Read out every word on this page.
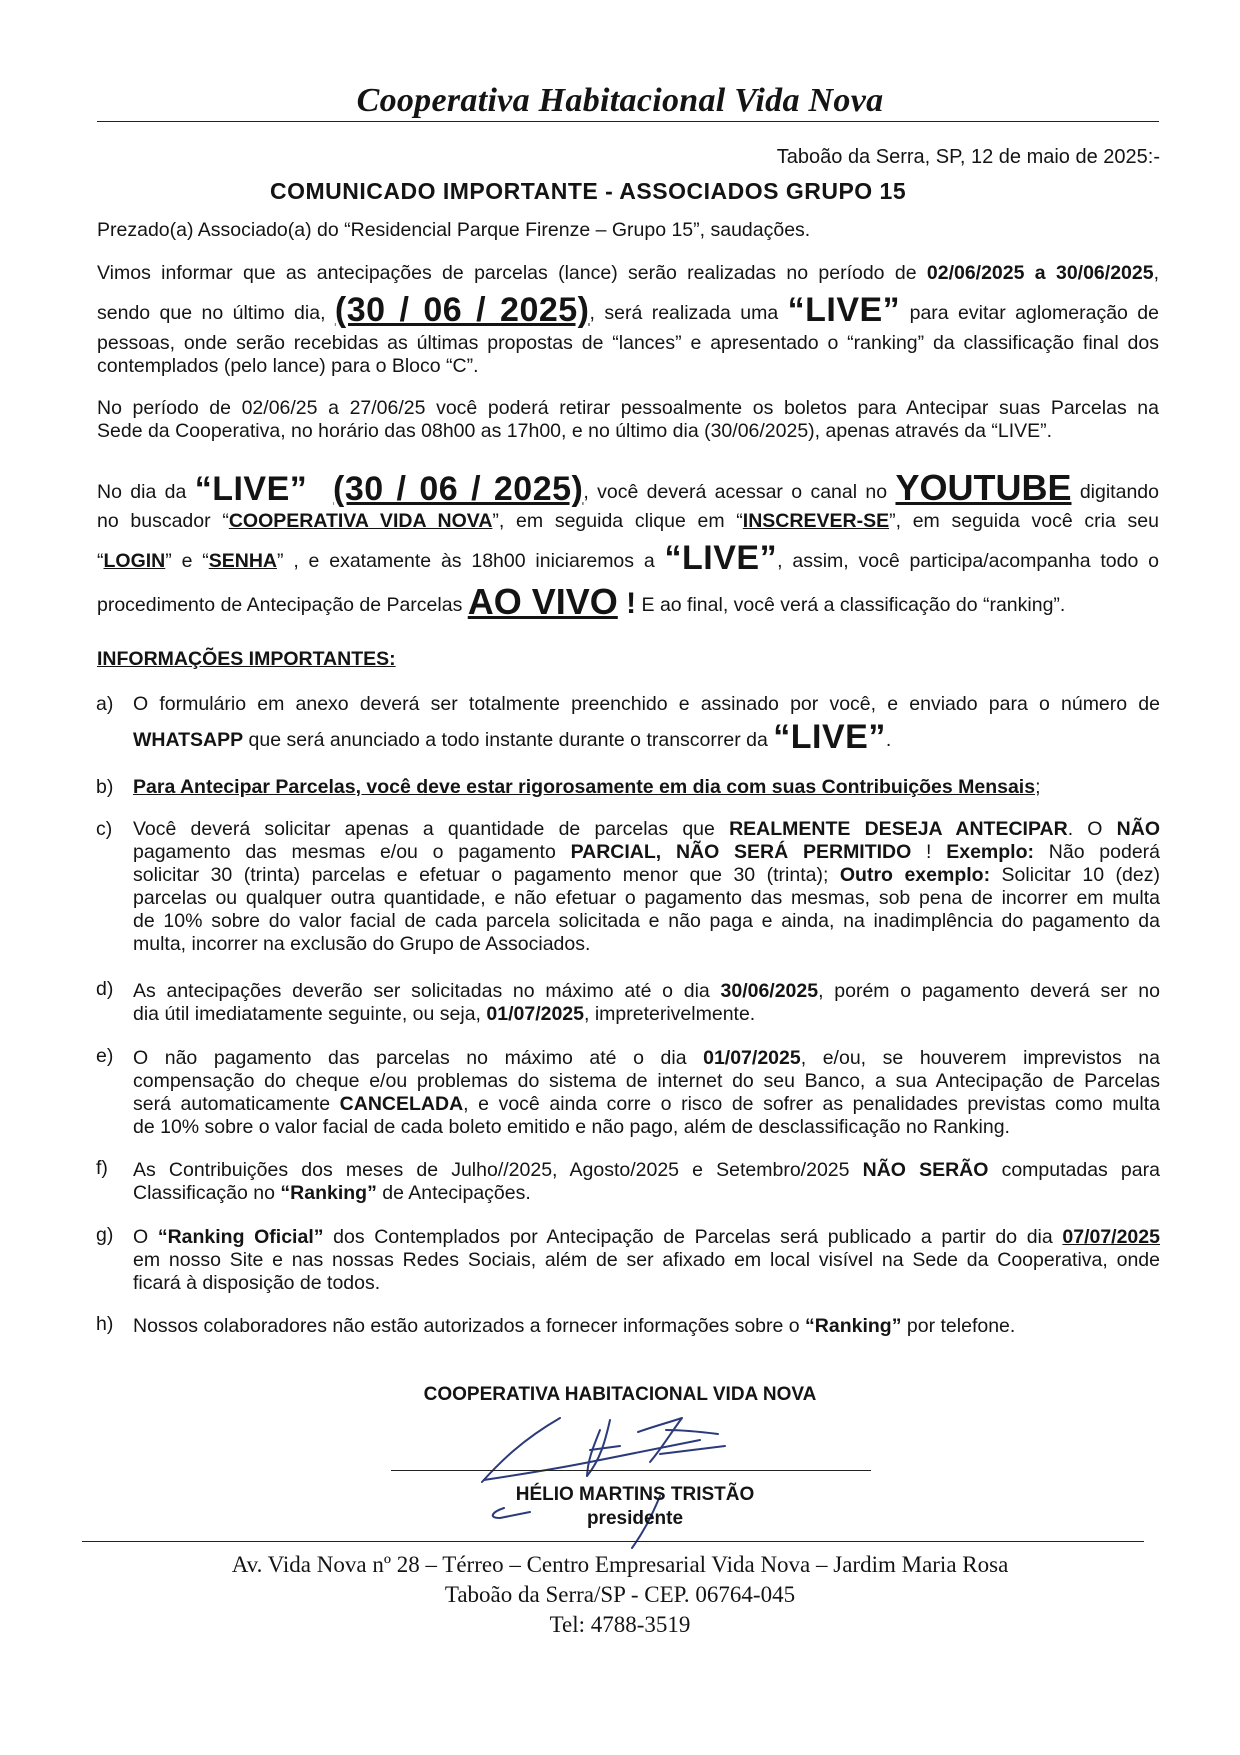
Cooperativa Habitacional Vida Nova
Taboão da Serra, SP, 12 de maio de 2025:-
COMUNICADO IMPORTANTE - ASSOCIADOS GRUPO 15
Prezado(a) Associado(a) do “Residencial Parque Firenze – Grupo 15”, saudações.
Vimos informar que as antecipações de parcelas (lance) serão realizadas no período de 02/06/2025 a 30/06/2025,
sendo que no último dia, (30 / 06 / 2025), será realizada uma “LIVE” para evitar aglomeração de
pessoas, onde serão recebidas as últimas propostas de “lances” e apresentado o “ranking” da classificação final dos
contemplados (pelo lance) para o Bloco “C”.
No período de 02/06/25 a 27/06/25 você poderá retirar pessoalmente os boletos para Antecipar suas Parcelas na
Sede da Cooperativa, no horário das 08h00 as 17h00, e no último dia (30/06/2025), apenas através da “LIVE”.
No dia da “LIVE” (30 / 06 / 2025), você deverá acessar o canal no YOUTUBE digitando
no buscador “COOPERATIVA VIDA NOVA”, em seguida clique em “INSCREVER-SE”, em seguida você cria seu
“LOGIN” e “SENHA” , e exatamente às 18h00 iniciaremos a “LIVE”, assim, você participa/acompanha todo o
procedimento de Antecipação de Parcelas AO VIVO ! E ao final, você verá a classificação do “ranking”.
INFORMAÇÕES IMPORTANTES:
a) O formulário em anexo deverá ser totalmente preenchido e assinado por você, e enviado para o número de
WHATSAPP que será anunciado a todo instante durante o transcorrer da “LIVE”.
b) Para Antecipar Parcelas, você deve estar rigorosamente em dia com suas Contribuições Mensais;
c) Você deverá solicitar apenas a quantidade de parcelas que REALMENTE DESEJA ANTECIPAR. O NÃO
pagamento das mesmas e/ou o pagamento PARCIAL, NÃO SERÁ PERMITIDO ! Exemplo: Não poderá
solicitar 30 (trinta) parcelas e efetuar o pagamento menor que 30 (trinta); Outro exemplo: Solicitar 10 (dez)
parcelas ou qualquer outra quantidade, e não efetuar o pagamento das mesmas, sob pena de incorrer em multa
de 10% sobre do valor facial de cada parcela solicitada e não paga e ainda, na inadimplência do pagamento da
multa, incorrer na exclusão do Grupo de Associados.
d) As antecipações deverão ser solicitadas no máximo até o dia 30/06/2025, porém o pagamento deverá ser no
dia útil imediatamente seguinte, ou seja, 01/07/2025, impreterivelmente.
e) O não pagamento das parcelas no máximo até o dia 01/07/2025, e/ou, se houverem imprevistos na
compensação do cheque e/ou problemas do sistema de internet do seu Banco, a sua Antecipação de Parcelas
será automaticamente CANCELADA, e você ainda corre o risco de sofrer as penalidades previstas como multa
de 10% sobre o valor facial de cada boleto emitido e não pago, além de desclassificação no Ranking.
f) As Contribuições dos meses de Julho//2025, Agosto/2025 e Setembro/2025 NÃO SERÃO computadas para
Classificação no “Ranking” de Antecipações.
g) O “Ranking Oficial” dos Contemplados por Antecipação de Parcelas será publicado a partir do dia 07/07/2025
em nosso Site e nas nossas Redes Sociais, além de ser afixado em local visível na Sede da Cooperativa, onde
ficará à disposição de todos.
h) Nossos colaboradores não estão autorizados a fornecer informações sobre o “Ranking” por telefone.
COOPERATIVA HABITACIONAL VIDA NOVA
HÉLIO MARTINS TRISTÃO
presidente
Av. Vida Nova nº 28 – Térreo – Centro Empresarial Vida Nova – Jardim Maria Rosa
Taboão da Serra/SP - CEP. 06764-045
Tel: 4788-3519
